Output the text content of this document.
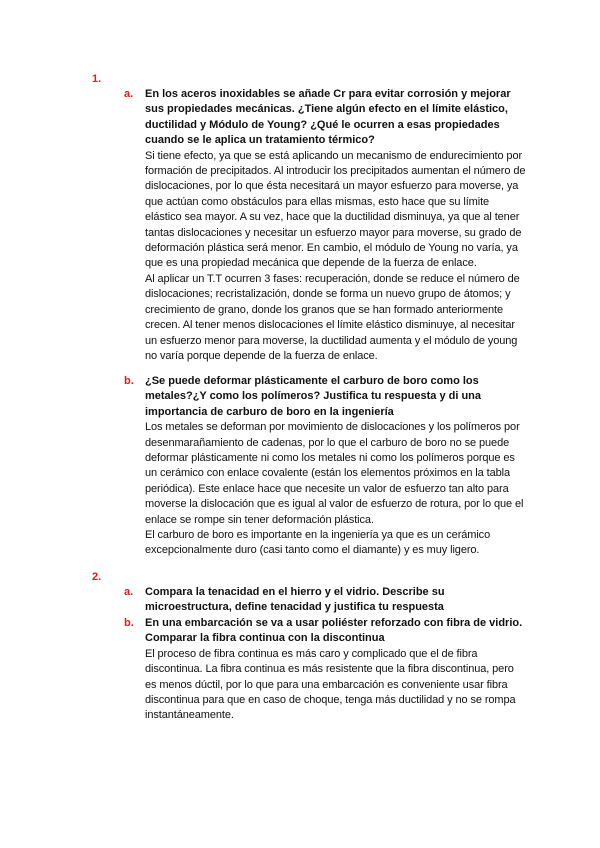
1.
a. En los aceros inoxidables se añade Cr para evitar corrosión y mejorar sus propiedades mecánicas. ¿Tiene algún efecto en el límite elástico, ductilidad y Módulo de Young? ¿Qué le ocurren a esas propiedades cuando se le aplica un tratamiento térmico?

Si tiene efecto, ya que se está aplicando un mecanismo de endurecimiento por formación de precipitados. Al introducir los precipitados aumentan el número de dislocaciones, por lo que ésta necesitará un mayor esfuerzo para moverse, ya que actúan como obstáculos para ellas mismas, esto hace que su límite elástico sea mayor. A su vez, hace que la ductilidad disminuya, ya que al tener tantas dislocaciones y necesitar un esfuerzo mayor para moverse, su grado de deformación plástica será menor. En cambio, el módulo de Young no varía, ya que es una propiedad mecánica que depende de la fuerza de enlace.

Al aplicar un T.T ocurren 3 fases: recuperación, donde se reduce el número de dislocaciones; recristalización, donde se forma un nuevo grupo de átomos; y crecimiento de grano, donde los granos que se han formado anteriormente crecen. Al tener menos dislocaciones el límite elástico disminuye, al necesitar un esfuerzo menor para moverse, la ductilidad aumenta y el módulo de young no varía porque depende de la fuerza de enlace.

b. ¿Se puede deformar plásticamente el carburo de boro como los metales?¿Y como los polímeros? Justifica tu respuesta y di una importancia de carburo de boro en la ingeniería

Los metales se deforman por movimiento de dislocaciones y los polímeros por desenmarañamiento de cadenas, por lo que el carburo de boro no se puede deformar plásticamente ni como los metales ni como los polímeros porque es un cerámico con enlace covalente (están los elementos próximos en la tabla periódica). Este enlace hace que necesite un valor de esfuerzo tan alto para moverse la dislocación que es igual al valor de esfuerzo de rotura, por lo que el enlace se rompe sin tener deformación plástica.

El carburo de boro es importante en la ingeniería ya que es un cerámico excepcionalmente duro (casi tanto como el diamante) y es muy ligero.

2.
a. Compara la tenacidad en el hierro y el vidrio. Describe su microestructura, define tenacidad y justifica tu respuesta

b. En una embarcación se va a usar poliéster reforzado con fibra de vidrio. Comparar la fibra continua con la discontinua

El proceso de fibra continua es más caro y complicado que el de fibra discontinua. La fibra continua es más resistente que la fibra discontinua, pero es menos dúctil, por lo que para una embarcación es conveniente usar fibra discontinua para que en caso de choque, tenga más ductilidad y no se rompa instantáneamente.
